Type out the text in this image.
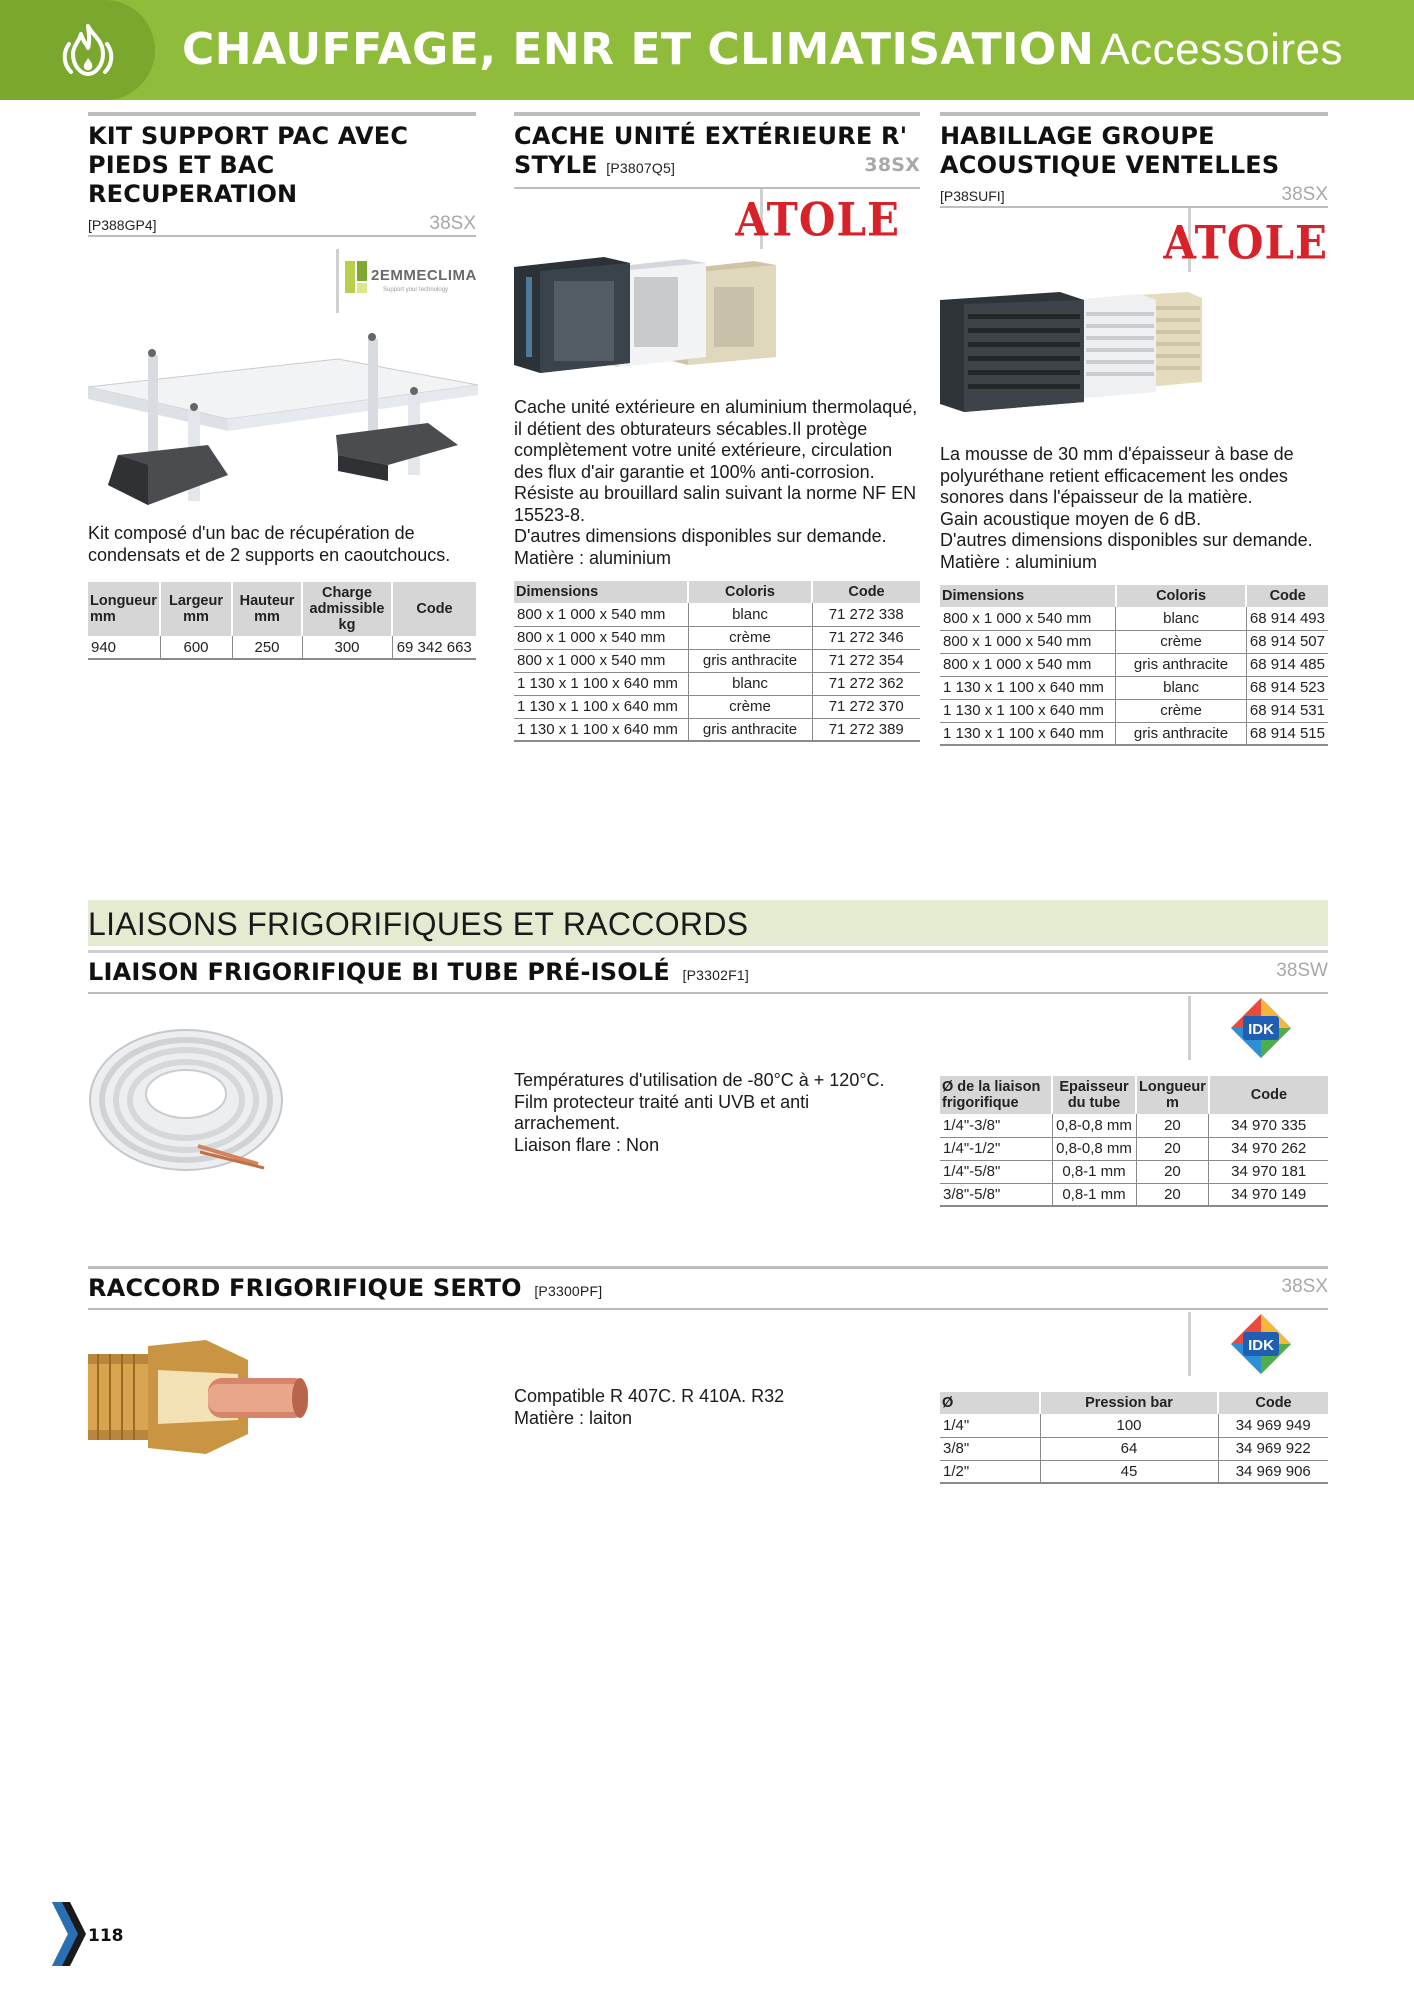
CHAUFFAGE, ENR ET CLIMATISATION Accessoires
KIT SUPPORT PAC AVEC PIEDS ET BAC RECUPERATION
[P388GP4]	38SX
2EMMECLIMA
Support your technology
Kit composé d'un bac de récupération de condensats et de 2 supports en caoutchoucs.
Longueur mm	Largeur mm	Hauteur mm	Charge admissible kg	Code
940	600	250	300	69 342 663
CACHE UNITÉ EXTÉRIEURE R'
STYLE [P3807Q5]	38SX
ATOLE
Cache unité extérieure en aluminium thermolaqué, il détient des obturateurs sécables.Il protège complètement votre unité extérieure, circulation des flux d'air garantie et 100% anti-corrosion.
Résiste au brouillard salin suivant la norme NF EN 15523-8.
D'autres dimensions disponibles sur demande.
Matière : aluminium
Dimensions	Coloris	Code
800 x 1 000 x 540 mm	blanc	71 272 338
800 x 1 000 x 540 mm	crème	71 272 346
800 x 1 000 x 540 mm	gris anthracite	71 272 354
1 130 x 1 100 x 640 mm	blanc	71 272 362
1 130 x 1 100 x 640 mm	crème	71 272 370
1 130 x 1 100 x 640 mm	gris anthracite	71 272 389
HABILLAGE GROUPE ACOUSTIQUE VENTELLES
[P38SUFI]	38SX
ATOLE
La mousse de 30 mm d'épaisseur à base de polyuréthane retient efficacement les ondes sonores dans l'épaisseur de la matière.
Gain acoustique moyen de 6 dB.
D'autres dimensions disponibles sur demande.
Matière : aluminium
Dimensions	Coloris	Code
800 x 1 000 x 540 mm	blanc	68 914 493
800 x 1 000 x 540 mm	crème	68 914 507
800 x 1 000 x 540 mm	gris anthracite	68 914 485
1 130 x 1 100 x 640 mm	blanc	68 914 523
1 130 x 1 100 x 640 mm	crème	68 914 531
1 130 x 1 100 x 640 mm	gris anthracite	68 914 515
LIAISONS FRIGORIFIQUES ET RACCORDS
LIAISON FRIGORIFIQUE BI TUBE PRÉ-ISOLÉ [P3302F1]	38SW
IDK
Températures d'utilisation de -80°C à + 120°C.
Film protecteur traité anti UVB et anti arrachement.
Liaison flare : Non
Ø de la liaison frigorifique	Epaisseur du tube	Longueur m	Code
1/4"-3/8"	0,8-0,8 mm	20	34 970 335
1/4"-1/2"	0,8-0,8 mm	20	34 970 262
1/4"-5/8"	0,8-1 mm	20	34 970 181
3/8"-5/8"	0,8-1 mm	20	34 970 149
RACCORD FRIGORIFIQUE SERTO [P3300PF]	38SX
IDK
Compatible R 407C. R 410A. R32
Matière : laiton
Ø	Pression bar	Code
1/4"	100	34 969 949
3/8"	64	34 969 922
1/2"	45	34 969 906
118
